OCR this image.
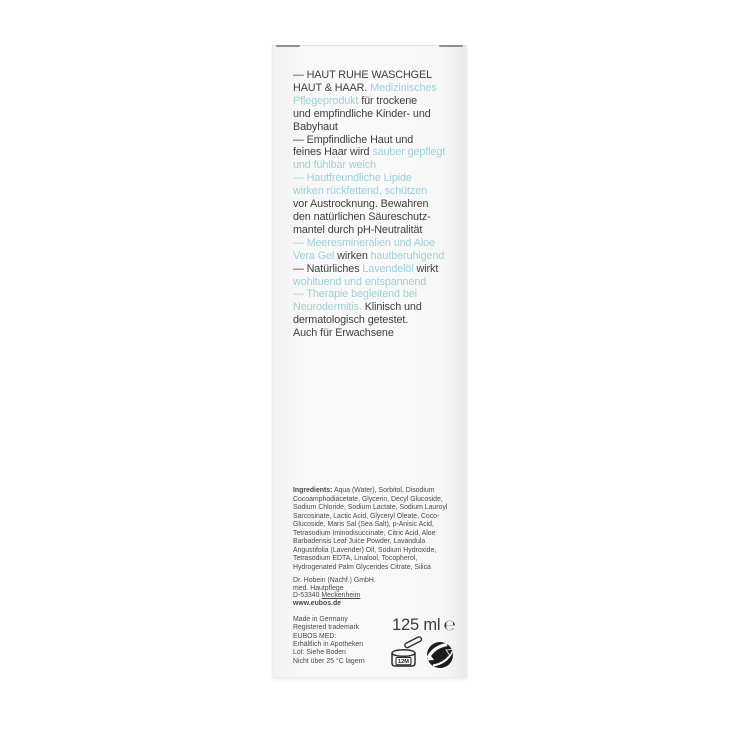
— HAUT RUHE WASCHGEL
HAUT & HAAR. Medizinisches
Pflegeprodukt für trockene
und empfindliche Kinder- und
Babyhaut
— Empfindliche Haut und
feines Haar wird sauber gepflegt
und fühlbar weich
— Hautfreundliche Lipide
wirken rückfettend, schützen
vor Austrocknung. Bewahren
den natürlichen Säureschutz-
mantel durch pH-Neutralität
— Meeresmineralien und Aloe
Vera Gel wirken hautberuhigend
— Natürliches Lavendelöl wirkt
wohltuend und entspannend
— Therapie begleitend bei
Neurodermitis. Klinisch und
dermatologisch getestet.
Auch für Erwachsene
Ingredients: Aqua (Water), Sorbitol, Disodium Cocoamphodiacetate, Glycerin, Decyl Glucoside, Sodium Chloride, Sodium Lactate, Sodium Lauroyl Sarcosinate, Lactic Acid, Glyceryl Oleate, Coco-Glucoside, Maris Sal (Sea Salt), p-Anisic Acid, Tetrasodium Iminodisuccinate, Citric Acid, Aloe Barbadensis Leaf Juice Powder, Lavandula Angustifolia (Lavender) Oil, Sodium Hydroxide, Tetrasodium EDTA, Linalool, Tocopherol, Hydrogenated Palm Glycerides Citrate, Silica
Dr. Hobein (Nachf.) GmbH.
med. Hautpflege
D-53340 Meckenheim
www.eubos.de
Made in Germany
Registered trademark
EUBOS MED:
Erhältlich in Apotheken
Lot: Siehe Boden
Nicht über 25 °C lagern
125 ml ℮
12M
